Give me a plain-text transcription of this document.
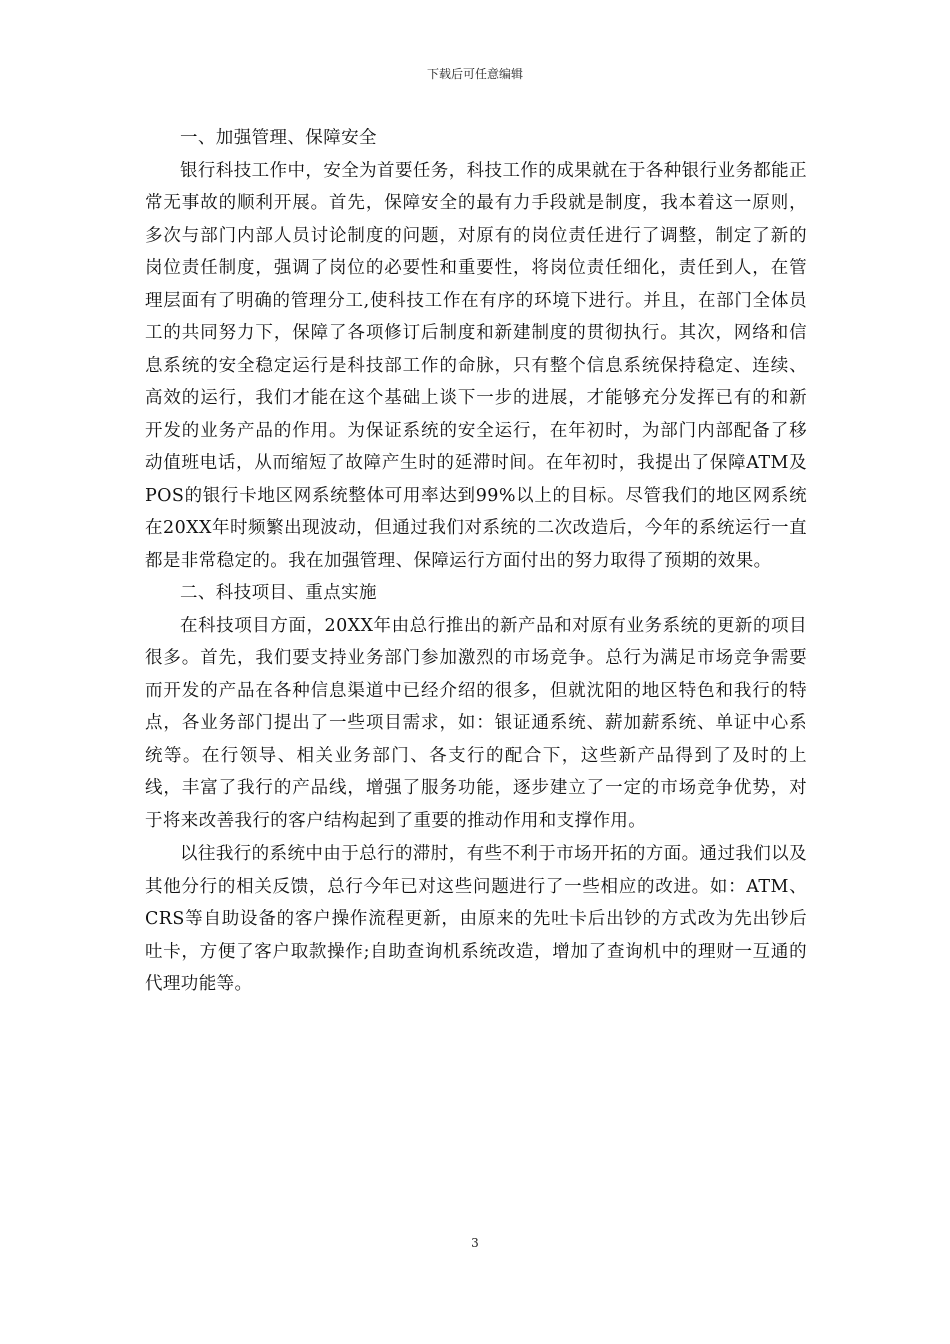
下载后可任意编辑

一、加强管理、保障安全

银行科技工作中，安全为首要任务，科技工作的成果就在于各种银行业务都能正常无事故的顺利开展。首先，保障安全的最有力手段就是制度，我本着这一原则，多次与部门内部人员讨论制度的问题，对原有的岗位责任进行了调整，制定了新的岗位责任制度，强调了岗位的必要性和重要性，将岗位责任细化，责任到人，在管理层面有了明确的管理分工,使科技工作在有序的环境下进行。并且，在部门全体员工的共同努力下，保障了各项修订后制度和新建制度的贯彻执行。其次，网络和信息系统的安全稳定运行是科技部工作的命脉，只有整个信息系统保持稳定、连续、高效的运行，我们才能在这个基础上谈下一步的进展，才能够充分发挥已有的和新开发的业务产品的作用。为保证系统的安全运行，在年初时，为部门内部配备了移动值班电话，从而缩短了故障产生时的延滞时间。在年初时，我提出了保障ATM及POS的银行卡地区网系统整体可用率达到99%以上的目标。尽管我们的地区网系统在20XX年时频繁出现波动，但通过我们对系统的二次改造后，今年的系统运行一直都是非常稳定的。我在加强管理、保障运行方面付出的努力取得了预期的效果。

二、科技项目、重点实施

在科技项目方面，20XX年由总行推出的新产品和对原有业务系统的更新的项目很多。首先，我们要支持业务部门参加激烈的市场竞争。总行为满足市场竞争需要而开发的产品在各种信息渠道中已经介绍的很多，但就沈阳的地区特色和我行的特点，各业务部门提出了一些项目需求，如：银证通系统、薪加薪系统、单证中心系统等。在行领导、相关业务部门、各支行的配合下，这些新产品得到了及时的上线，丰富了我行的产品线，增强了服务功能，逐步建立了一定的市场竞争优势，对于将来改善我行的客户结构起到了重要的推动作用和支撑作用。

以往我行的系统中由于总行的滞肘，有些不利于市场开拓的方面。通过我们以及其他分行的相关反馈，总行今年已对这些问题进行了一些相应的改进。如：ATM、CRS等自助设备的客户操作流程更新，由原来的先吐卡后出钞的方式改为先出钞后吐卡，方便了客户取款操作;自助查询机系统改造，增加了查询机中的理财一互通的代理功能等。

3
